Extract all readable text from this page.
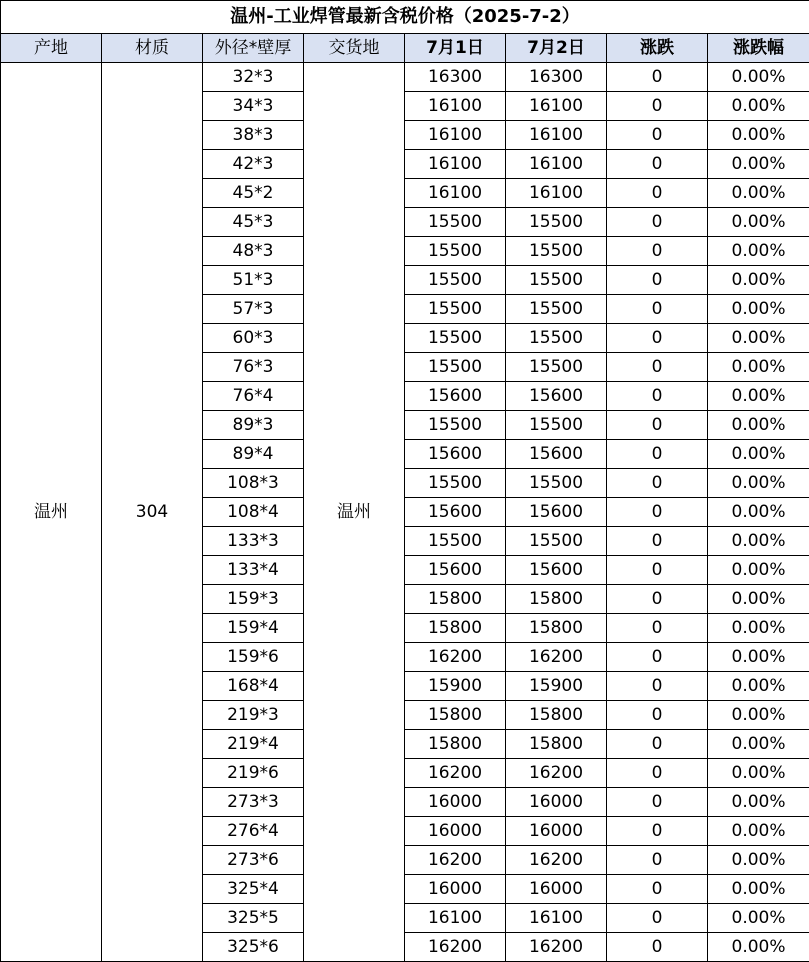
温州-工业焊管最新含税价格（2025-7-2）							
产地	材质	外径*壁厚	交货地	7月1日	7月2日	涨跌	涨跌幅
温州	304	32*3	温州	16300	16300	0	0.00%
		34*3		16100	16100	0	0.00%
		38*3		16100	16100	0	0.00%
		42*3		16100	16100	0	0.00%
		45*2		16100	16100	0	0.00%
		45*3		15500	15500	0	0.00%
		48*3		15500	15500	0	0.00%
		51*3		15500	15500	0	0.00%
		57*3		15500	15500	0	0.00%
		60*3		15500	15500	0	0.00%
		76*3		15500	15500	0	0.00%
		76*4		15600	15600	0	0.00%
		89*3		15500	15500	0	0.00%
		89*4		15600	15600	0	0.00%
		108*3		15500	15500	0	0.00%
		108*4		15600	15600	0	0.00%
		133*3		15500	15500	0	0.00%
		133*4		15600	15600	0	0.00%
		159*3		15800	15800	0	0.00%
		159*4		15800	15800	0	0.00%
		159*6		16200	16200	0	0.00%
		168*4		15900	15900	0	0.00%
		219*3		15800	15800	0	0.00%
		219*4		15800	15800	0	0.00%
		219*6		16200	16200	0	0.00%
		273*3		16000	16000	0	0.00%
		276*4		16000	16000	0	0.00%
		273*6		16200	16200	0	0.00%
		325*4		16000	16000	0	0.00%
		325*5		16100	16100	0	0.00%
		325*6		16200	16200	0	0.00%
